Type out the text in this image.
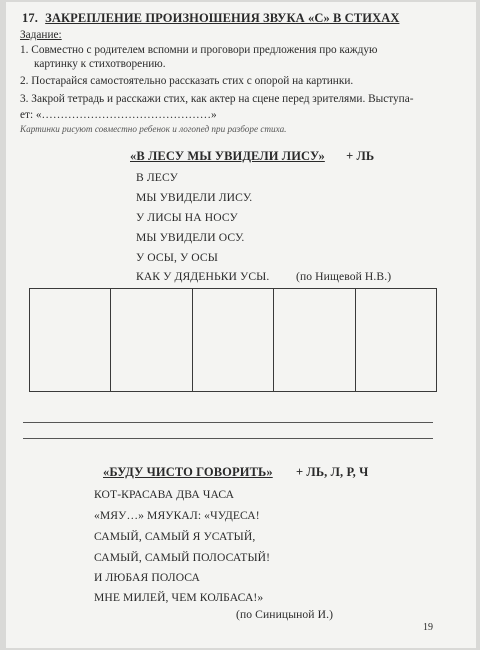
17. ЗАКРЕПЛЕНИЕ ПРОИЗНОШЕНИЯ ЗВУКА «С» В СТИХАХ
Задание:
1. Совместно с родителем вспомни и проговори предложения про каждую
картинку к стихотворению.
2. Постарайся самостоятельно рассказать стих с опорой на картинки.
3. Закрой тетрадь и расскажи стих, как актер на сцене перед зрителями. Выступа-
ет: «………………………………………»
Картинки рисуют совместно ребенок и логопед при разборе стиха.
«В ЛЕСУ МЫ УВИДЕЛИ ЛИСУ» + ЛЬ
В ЛЕСУ
МЫ УВИДЕЛИ ЛИСУ.
У ЛИСЫ НА НОСУ
МЫ УВИДЕЛИ ОСУ.
У ОСЫ, У ОСЫ
КАК У ДЯДЕНЬКИ УСЫ. (по Нищевой Н.В.)
«БУДУ ЧИСТО ГОВОРИТЬ» + ЛЬ, Л, Р, Ч
КОТ-КРАСАВА ДВА ЧАСА
«МЯУ…» МЯУКАЛ: «ЧУДЕСА!
САМЫЙ, САМЫЙ Я УСАТЫЙ,
САМЫЙ, САМЫЙ ПОЛОСАТЫЙ!
И ЛЮБАЯ ПОЛОСА
МНЕ МИЛЕЙ, ЧЕМ КОЛБАСА!»
(по Синицыной И.)
19
